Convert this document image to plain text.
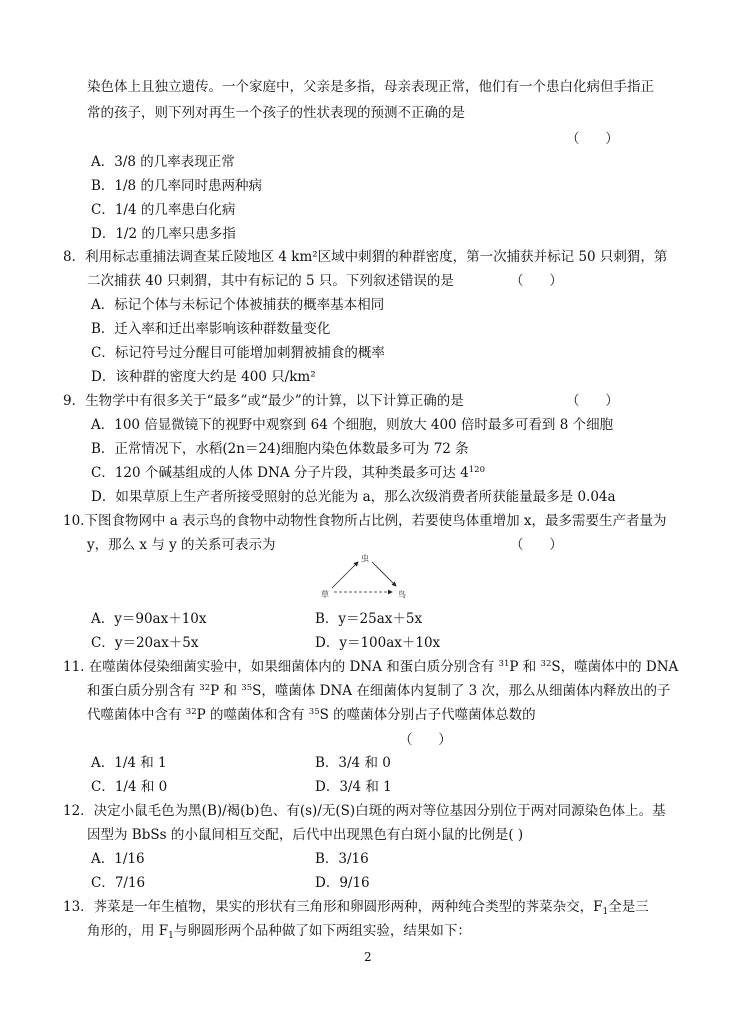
染色体上且独立遗传。一个家庭中，父亲是多指，母亲表现正常，他们有一个患白化病但手指正
常的孩子，则下列对再生一个孩子的性状表现的预测不正确的是
（      ）
A．3/8 的几率表现正常
B．1/8 的几率同时患两种病
C．1/4 的几率患白化病
D．1/2 的几率只患多指
8．利用标志重捕法调查某丘陵地区 4 km²区域中刺猬的种群密度，第一次捕获并标记 50 只刺猬，第
二次捕获 40 只刺猬，其中有标记的 5 只。下列叙述错误的是	（      ）
A．标记个体与未标记个体被捕获的概率基本相同
B．迁入率和迁出率影响该种群数量变化
C．标记符号过分醒目可能增加刺猬被捕食的概率
D．该种群的密度大约是 400 只/km²
9．生物学中有很多关于“最多”或“最少”的计算，以下计算正确的是	（      ）
A．100 倍显微镜下的视野中观察到 64 个细胞，则放大 400 倍时最多可看到 8 个细胞
B．正常情况下，水稻(2n＝24)细胞内染色体数最多可为 72 条
C．120 个碱基组成的人体 DNA 分子片段，其种类最多可达 $4^{120}$
D．如果草原上生产者所接受照射的总光能为 a，那么次级消费者所获能量最多是 0.04a
10.下图食物网中 a 表示鸟的食物中动物性食物所占比例，若要使鸟体重增加 x，最多需要生产者量为
y，那么 x 与 y 的关系可表示为	（      ）
虫
草	鸟
A．y＝90ax＋10x	B．y＝25ax＋5x
C．y＝20ax＋5x	D．y＝100ax＋10x
11. 在噬菌体侵染细菌实验中，如果细菌体内的 DNA 和蛋白质分别含有 $^{31}$P 和 $^{32}$S，噬菌体中的 DNA
和蛋白质分别含有 $^{32}$P 和 $^{35}$S，噬菌体 DNA 在细菌体内复制了 3 次，那么从细菌体内释放出的子
代噬菌体中含有 $^{32}$P 的噬菌体和含有 $^{35}$S 的噬菌体分别占子代噬菌体总数的
（      ）
A．1/4 和 1	B．3/4 和 0
C．1/4 和 0	D．3/4 和 1
12．决定小鼠毛色为黑(B)/褐(b)色、有(s)/无(S)白斑的两对等位基因分别位于两对同源染色体上。基
因型为 BbSs 的小鼠间相互交配，后代中出现黑色有白斑小鼠的比例是( )
A．1/16	B．3/16
C．7/16	D．9/16
13．荠菜是一年生植物，果实的形状有三角形和卵圆形两种，两种纯合类型的荠菜杂交，$F_1$全是三
角形的，用 $F_1$与卵圆形两个品种做了如下两组实验，结果如下：
2
